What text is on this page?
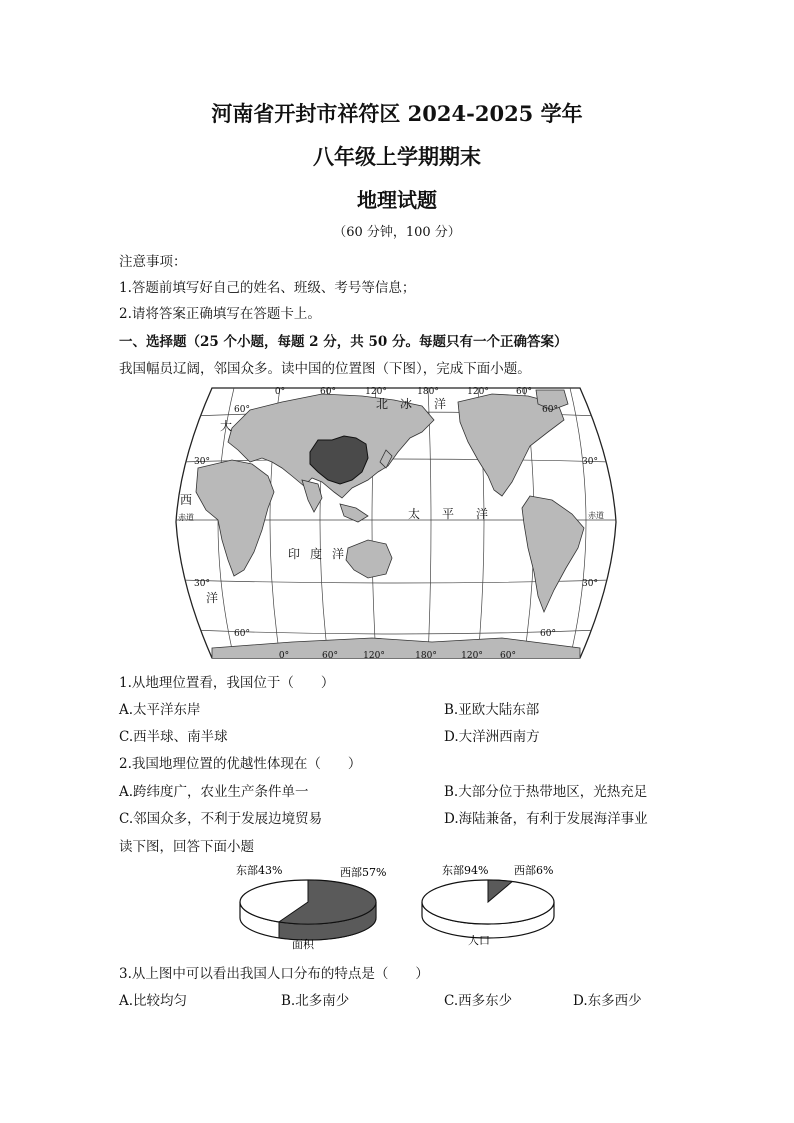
河南省开封市祥符区 2024-2025 学年
八年级上学期期末
地理试题
（60 分钟，100 分）
注意事项：
1.答题前填写好自己的姓名、班级、考号等信息；
2.请将答案正确填写在答题卡上。
一、选择题（25 个小题，每题 2 分，共 50 分。每题只有一个正确答案）
我国幅员辽阔，邻国众多。读中国的位置图（下图），完成下面小题。
0°	60°	120°	180°	120°	60°
0°	60°	120°	180°	120° 60°
60°
30°
赤道
30°
60°
60°
30°
赤道
30°
60°
北 冰 洋
太 平 洋
印 度 洋
大
西
洋
1.从地理位置看，我国位于（　　）
A.太平洋东岸	B.亚欧大陆东部
C.西半球、南半球	D.大洋洲西南方
2.我国地理位置的优越性体现在（　　）
A.跨纬度广，农业生产条件单一	B.大部分位于热带地区，光热充足
C.邻国众多，不利于发展边境贸易	D.海陆兼备，有利于发展海洋事业
读下图，回答下面小题
东部43%	西部57%
面积
东部94% 西部6%
人口
3.从上图中可以看出我国人口分布的特点是（　　）
A.比较均匀	B.北多南少	C.西多东少	D.东多西少
